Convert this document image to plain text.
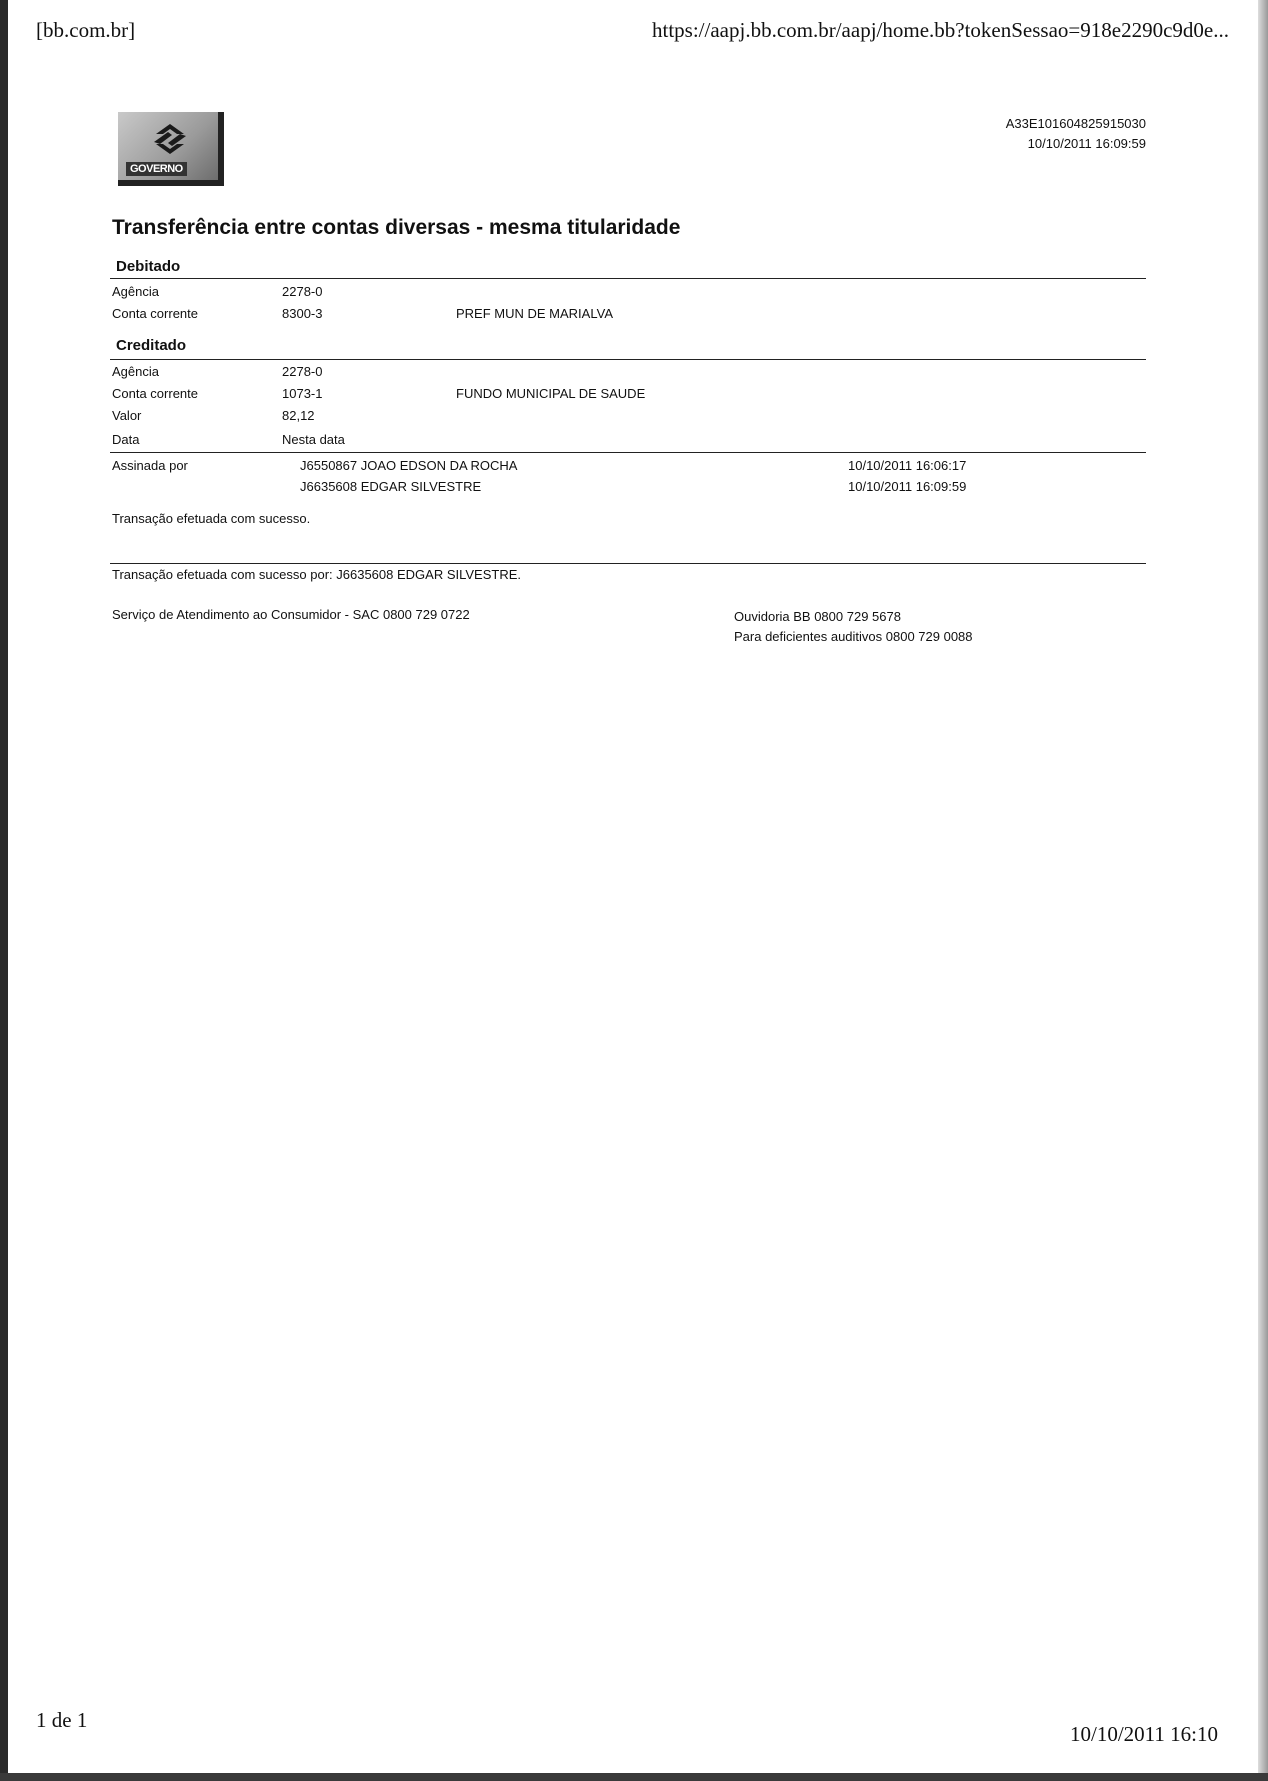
[bb.com.br]	https://aapj.bb.com.br/aapj/home.bb?tokenSessao=918e2290c9d0e...
GOVERNO
A33E101604825915030
10/10/2011 16:09:59
Transferência entre contas diversas - mesma titularidade
Debitado
Agência	2278-0
Conta corrente	8300-3	PREF MUN DE MARIALVA
Creditado
Agência	2278-0
Conta corrente	1073-1	FUNDO MUNICIPAL DE SAUDE
Valor	82,12
Data	Nesta data
Assinada por	J6550867 JOAO EDSON DA ROCHA	10/10/2011 16:06:17
J6635608 EDGAR SILVESTRE	10/10/2011 16:09:59
Transação efetuada com sucesso.
Transação efetuada com sucesso por: J6635608 EDGAR SILVESTRE.
Serviço de Atendimento ao Consumidor - SAC 0800 729 0722	Ouvidoria BB 0800 729 5678
Para deficientes auditivos 0800 729 0088
1 de 1
10/10/2011 16:10
